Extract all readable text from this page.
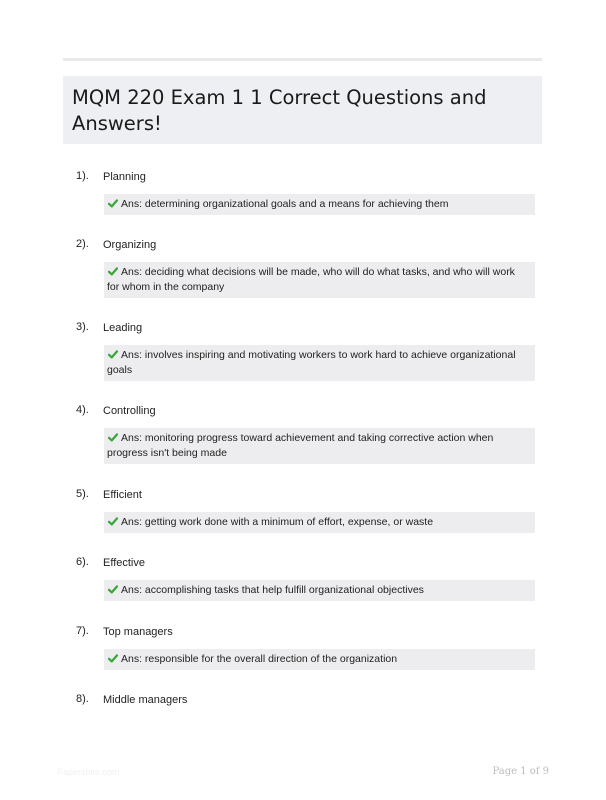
MQM 220 Exam 1 1 Correct Questions and Answers!
1). Planning
Ans: determining organizational goals and a means for achieving them
2). Organizing
Ans: deciding what decisions will be made, who will do what tasks, and who will work for whom in the company
3). Leading
Ans: involves inspiring and motivating workers to work hard to achieve organizational goals
4). Controlling
Ans: monitoring progress toward achievement and taking corrective action when progress isn't being made
5). Efficient
Ans: getting work done with a minimum of effort, expense, or waste
6). Effective
Ans: accomplishing tasks that help fulfill organizational objectives
7). Top managers
Ans: responsible for the overall direction of the organization
8). Middle managers
Papersbite.com	Page 1 of 9
